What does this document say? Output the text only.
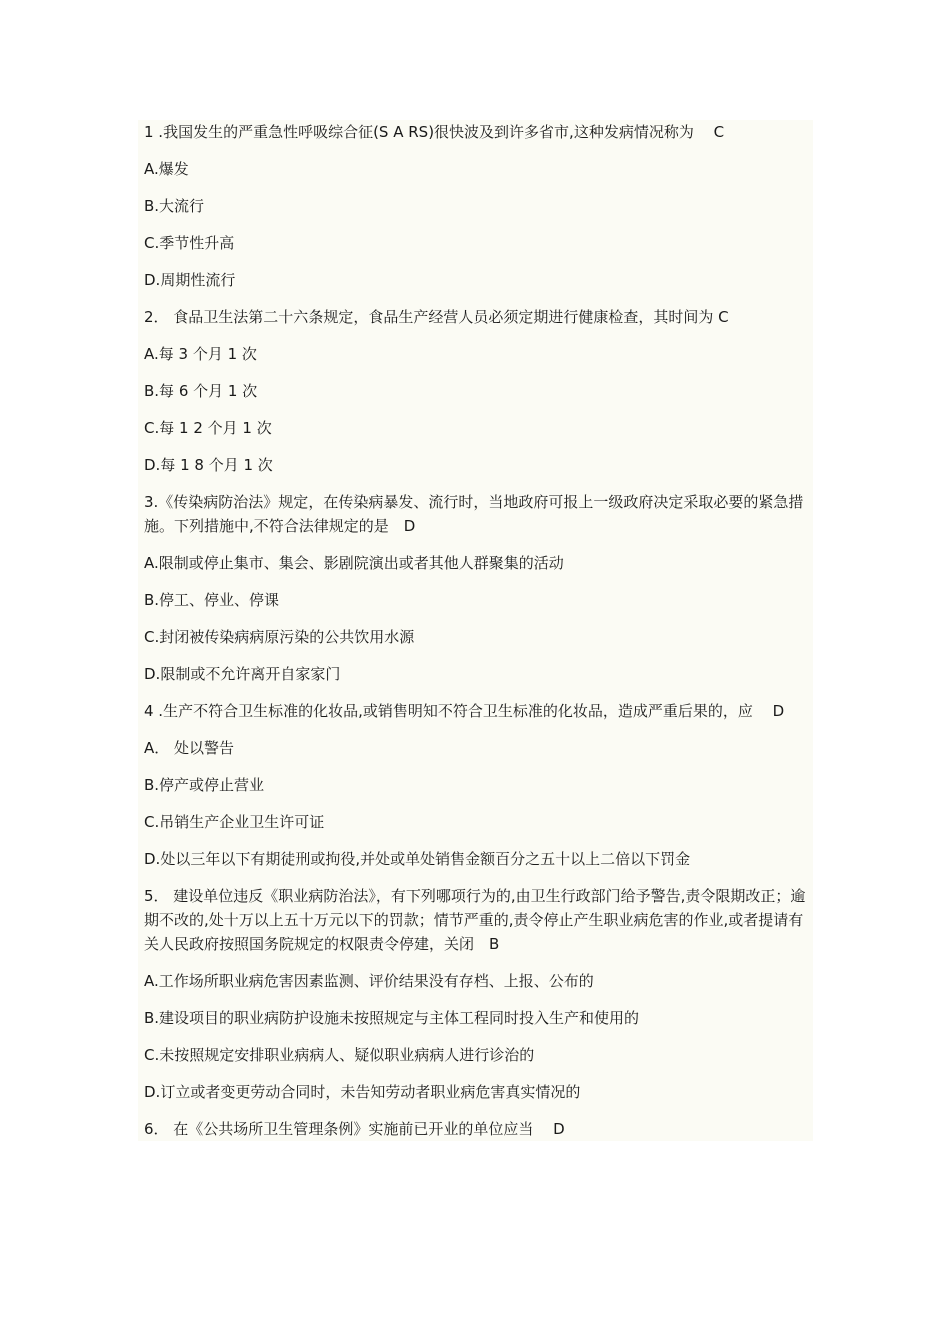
1 .我国发生的严重急性呼吸综合征(S A RS)很快波及到许多省市,这种发病情况称为　 C
A.爆发
B.大流行
C.季节性升高
D.周期性流行
2． 食品卫生法第二十六条规定，食品生产经营人员必须定期进行健康检查，其时间为 C
A.每 3 个月 1 次
B.每 6 个月 1 次
C.每 1 2 个月 1 次
D.每 1 8 个月 1 次
3.《传染病防治法》规定，在传染病暴发、流行时，当地政府可报上一级政府决定采取必要的紧急措施。下列措施中,不符合法律规定的是　D
A.限制或停止集市、集会、影剧院演出或者其他人群聚集的活动
B.停工、停业、停课
C.封闭被传染病病原污染的公共饮用水源
D.限制或不允许离开自家家门
4 .生产不符合卫生标准的化妆品,或销售明知不符合卫生标准的化妆品，造成严重后果的，应　 D
A． 处以警告
B.停产或停止营业
C.吊销生产企业卫生许可证
D.处以三年以下有期徒刑或拘役,并处或单处销售金额百分之五十以上二倍以下罚金
5． 建设单位违反《职业病防治法》，有下列哪项行为的,由卫生行政部门给予警告,责令限期改正；逾期不改的,处十万以上五十万元以下的罚款；情节严重的,责令停止产生职业病危害的作业,或者提请有关人民政府按照国务院规定的权限责令停建，关闭　B
A.工作场所职业病危害因素监测、评价结果没有存档、上报、公布的
B.建设项目的职业病防护设施未按照规定与主体工程同时投入生产和使用的
C.未按照规定安排职业病病人、疑似职业病病人进行诊治的
D.订立或者变更劳动合同时，未告知劳动者职业病危害真实情况的
6． 在《公共场所卫生管理条例》实施前已开业的单位应当　 D
